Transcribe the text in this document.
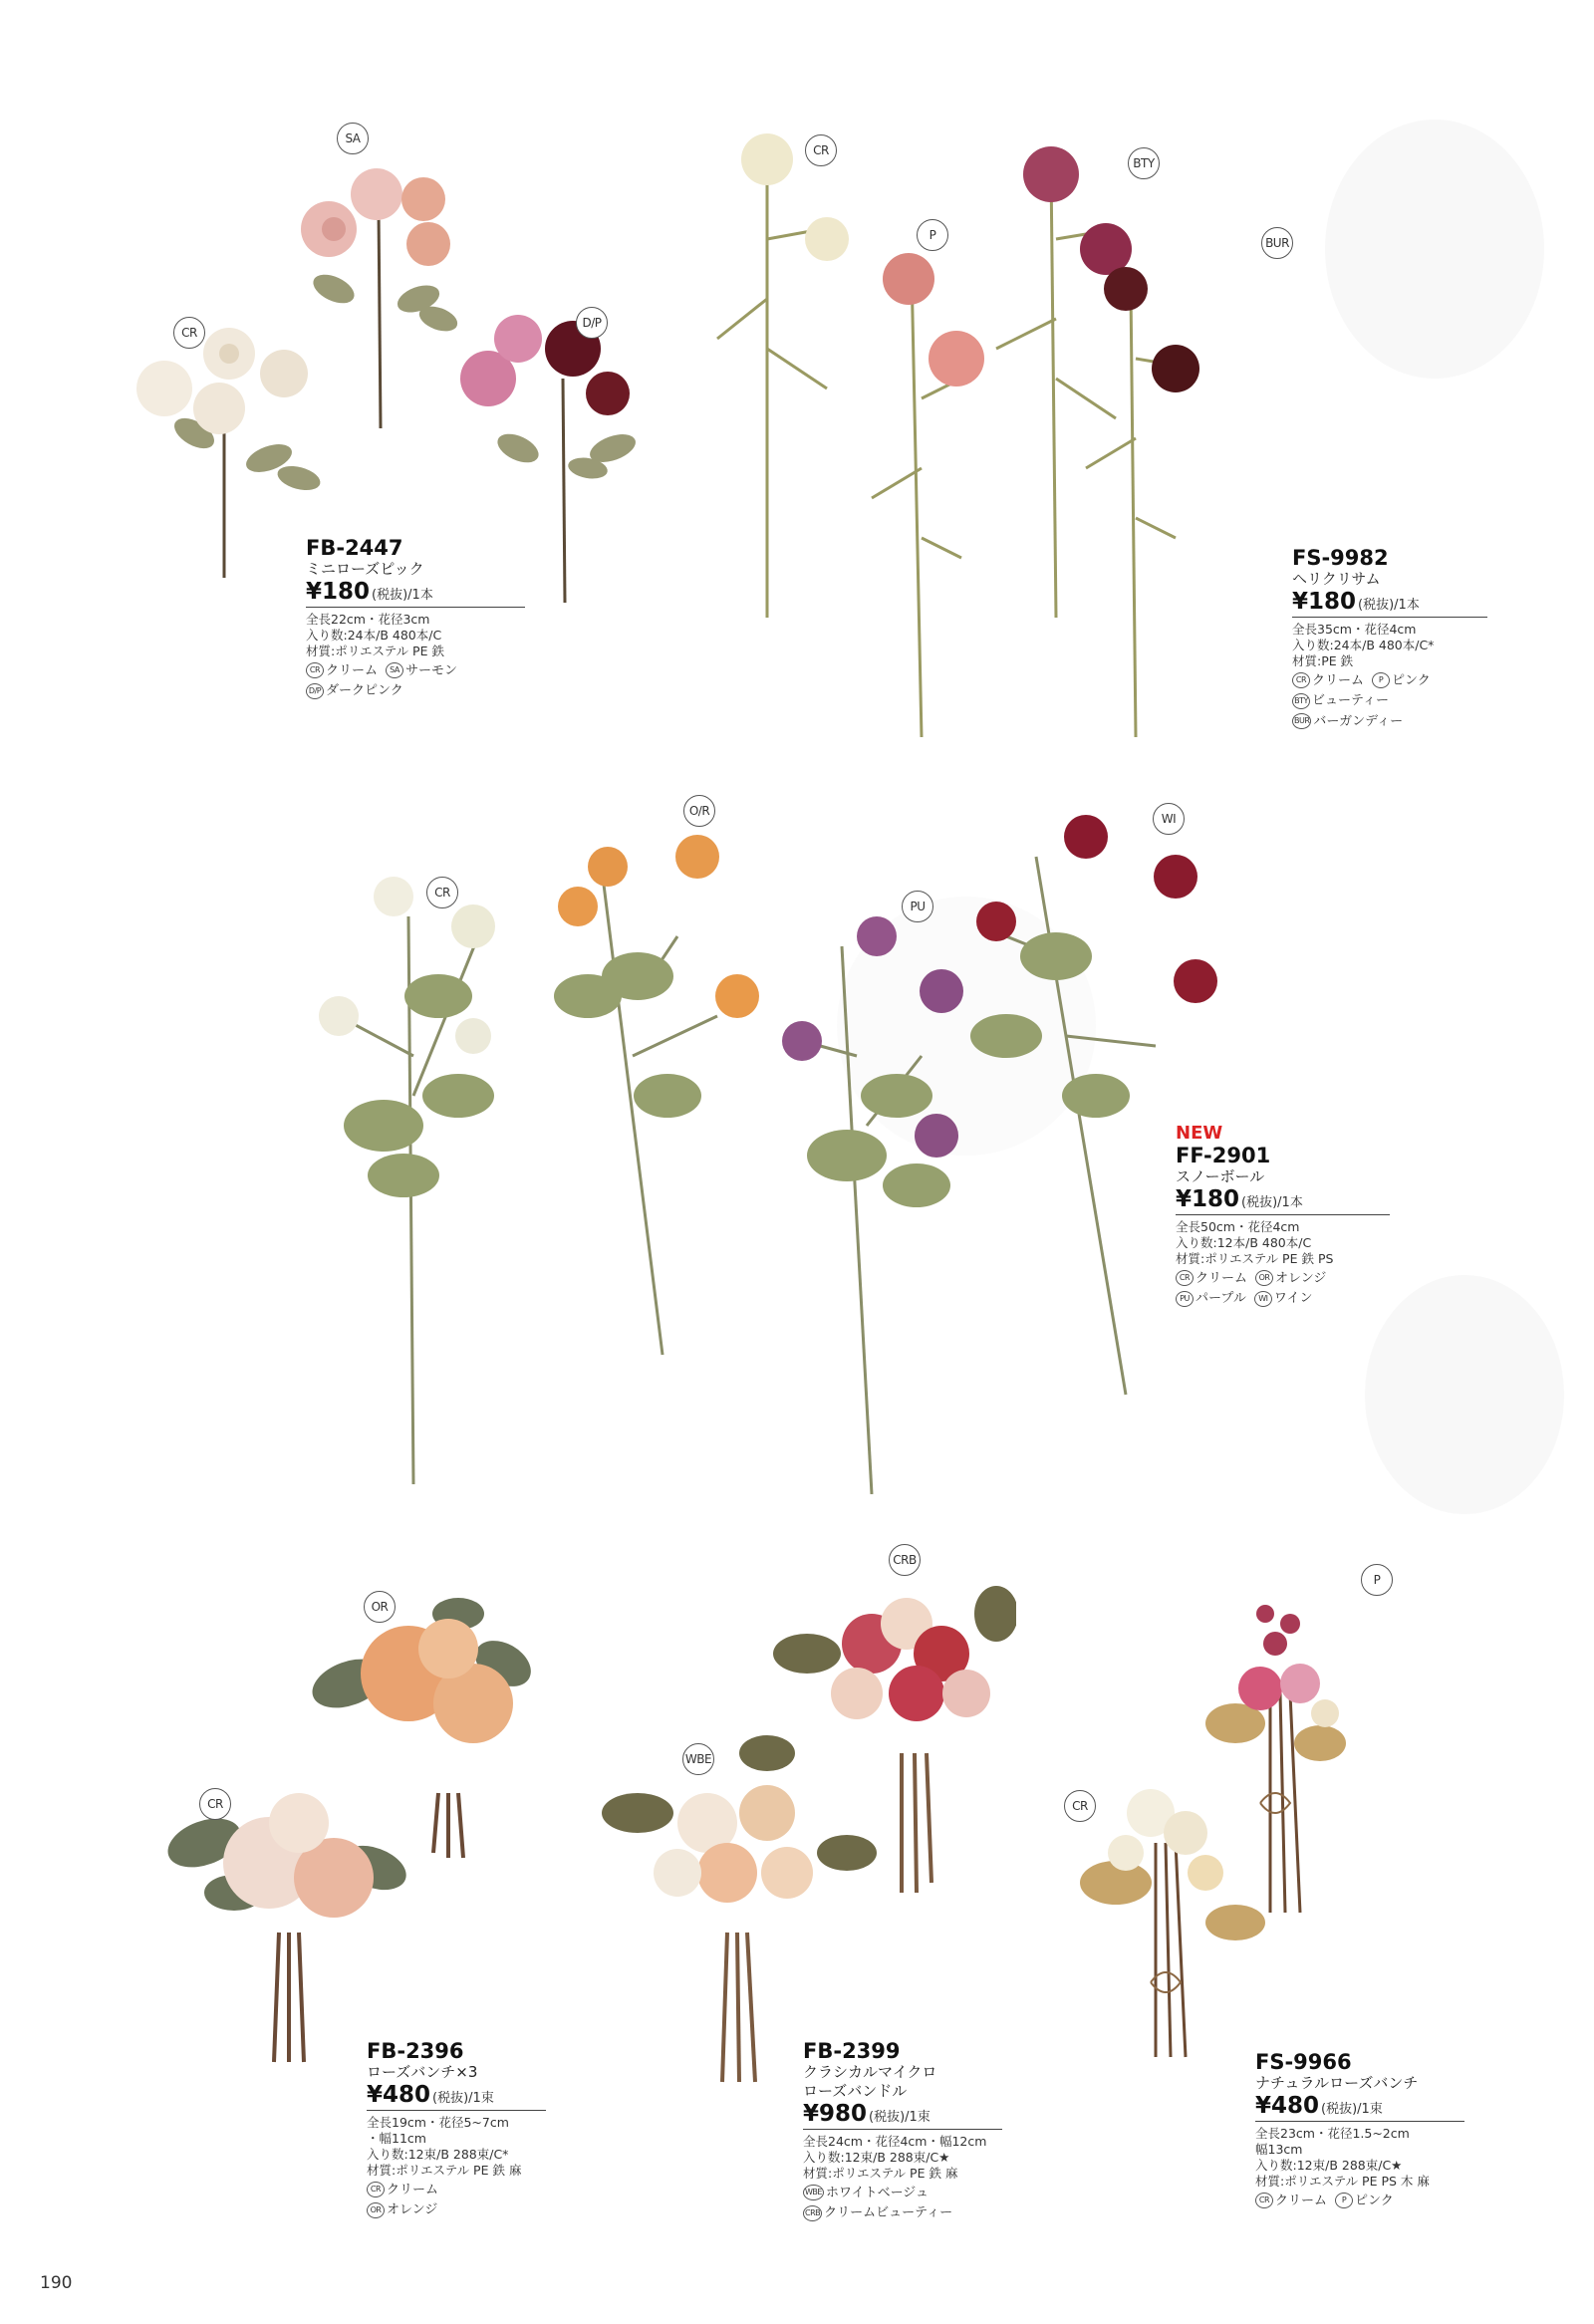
SA
CR
D/P
CR
P
BTY
BUR
CR
O/R
PU
WI
OR
CR
CRB
WBE
P
CR
FB-2447
ミニローズピック
¥180 (税抜) /1本
全長22cm・花径3cm
入り数:24本/B 480本/C
材質:ポリエステル PE 鉄
CR クリーム	SA サーモン

D/P ダークピンク
FS-9982
ヘリクリサム
¥180 (税抜) /1本
全長35cm・花径4cm
入り数:24本/B 480本/C*
材質:PE 鉄
CR クリーム	P ピンク

BTY ビューティー

BUR バーガンディー
NEW
FF-2901
スノーボール
¥180 (税抜) /1本
全長50cm・花径4cm
入り数:12本/B 480本/C
材質:ポリエステル PE 鉄 PS
CR クリーム	OR オレンジ

PU パープル	WI ワイン
FB-2396
ローズバンチ×3
¥480 (税抜) /1束
全長19cm・花径5~7cm
・幅11cm
入り数:12束/B 288束/C*
材質:ポリエステル PE 鉄 麻
CR クリーム

OR オレンジ
FB-2399
クラシカルマイクロ
ローズバンドル
¥980 (税抜) /1束
全長24cm・花径4cm・幅12cm
入り数:12束/B 288束/C★
材質:ポリエステル PE 鉄 麻
WBE ホワイトベージュ

CRB クリームビューティー
FS-9966
ナチュラルローズバンチ
¥480 (税抜) /1束
全長23cm・花径1.5~2cm
幅13cm
入り数:12束/B 288束/C★
材質:ポリエステル PE PS 木 麻
CR クリーム	P ピンク
190
